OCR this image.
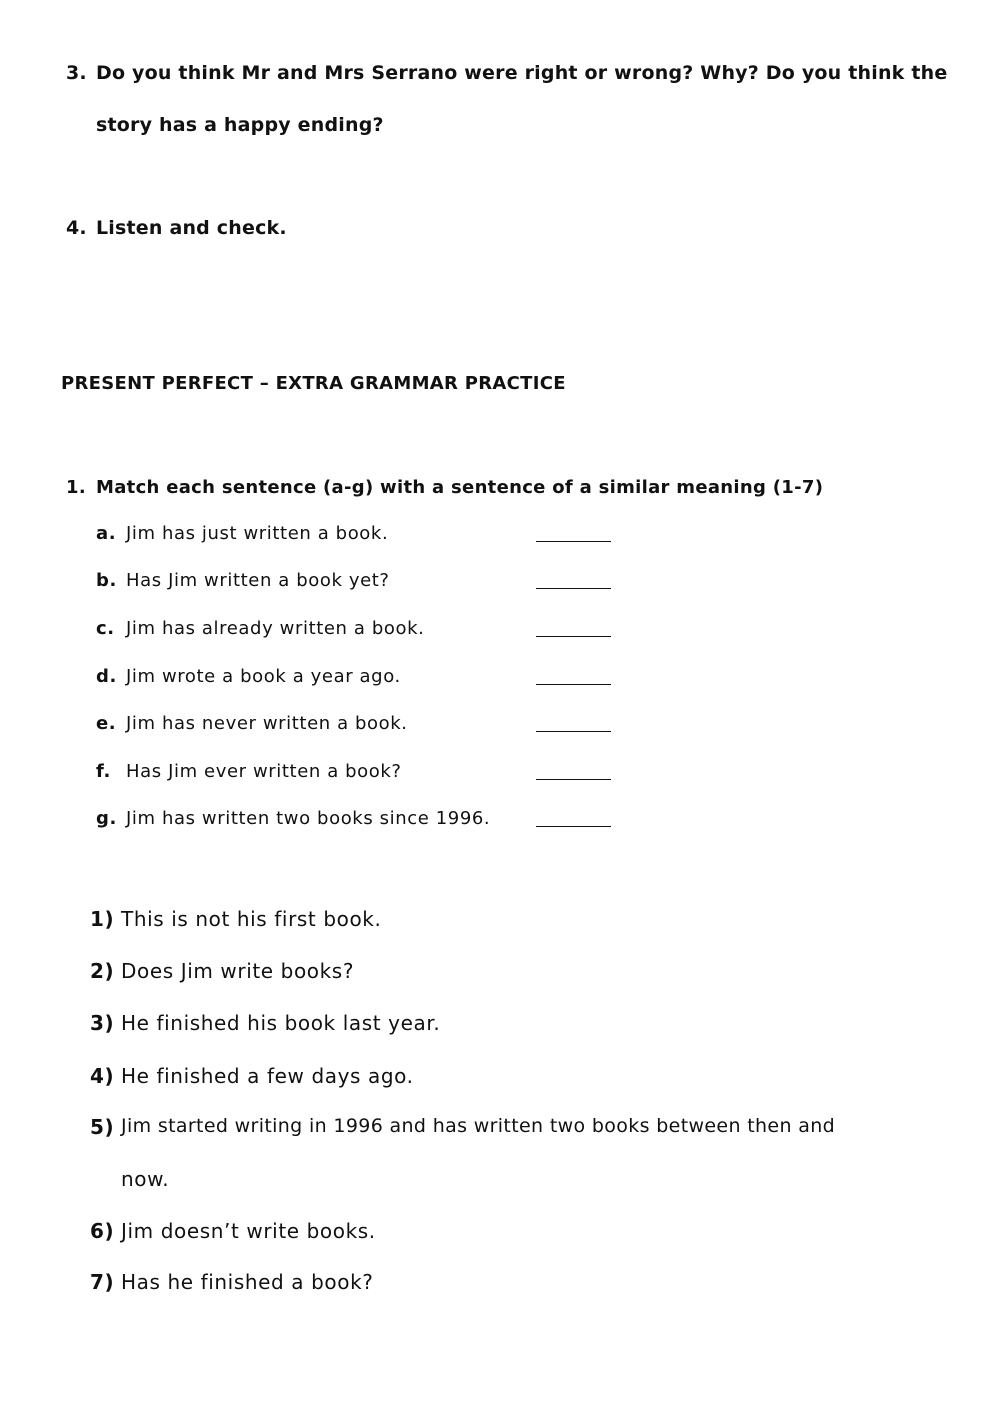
3. Do you think Mr and Mrs Serrano were right or wrong? Why? Do you think the
story has a happy ending?
4. Listen and check.
PRESENT PERFECT – EXTRA GRAMMAR PRACTICE
1. Match each sentence (a-g) with a sentence of a similar meaning (1-7)
a. Jim has just written a book.
b. Has Jim written a book yet?
c. Jim has already written a book.
d. Jim wrote a book a year ago.
e. Jim has never written a book.
f. Has Jim ever written a book?
g. Jim has written two books since 1996.
1) This is not his first book.
2) Does Jim write books?
3) He finished his book last year.
4) He finished a few days ago.
5) Jim started writing in 1996 and has written two books between then and
now.
6) Jim doesn’t write books.
7) Has he finished a book?
